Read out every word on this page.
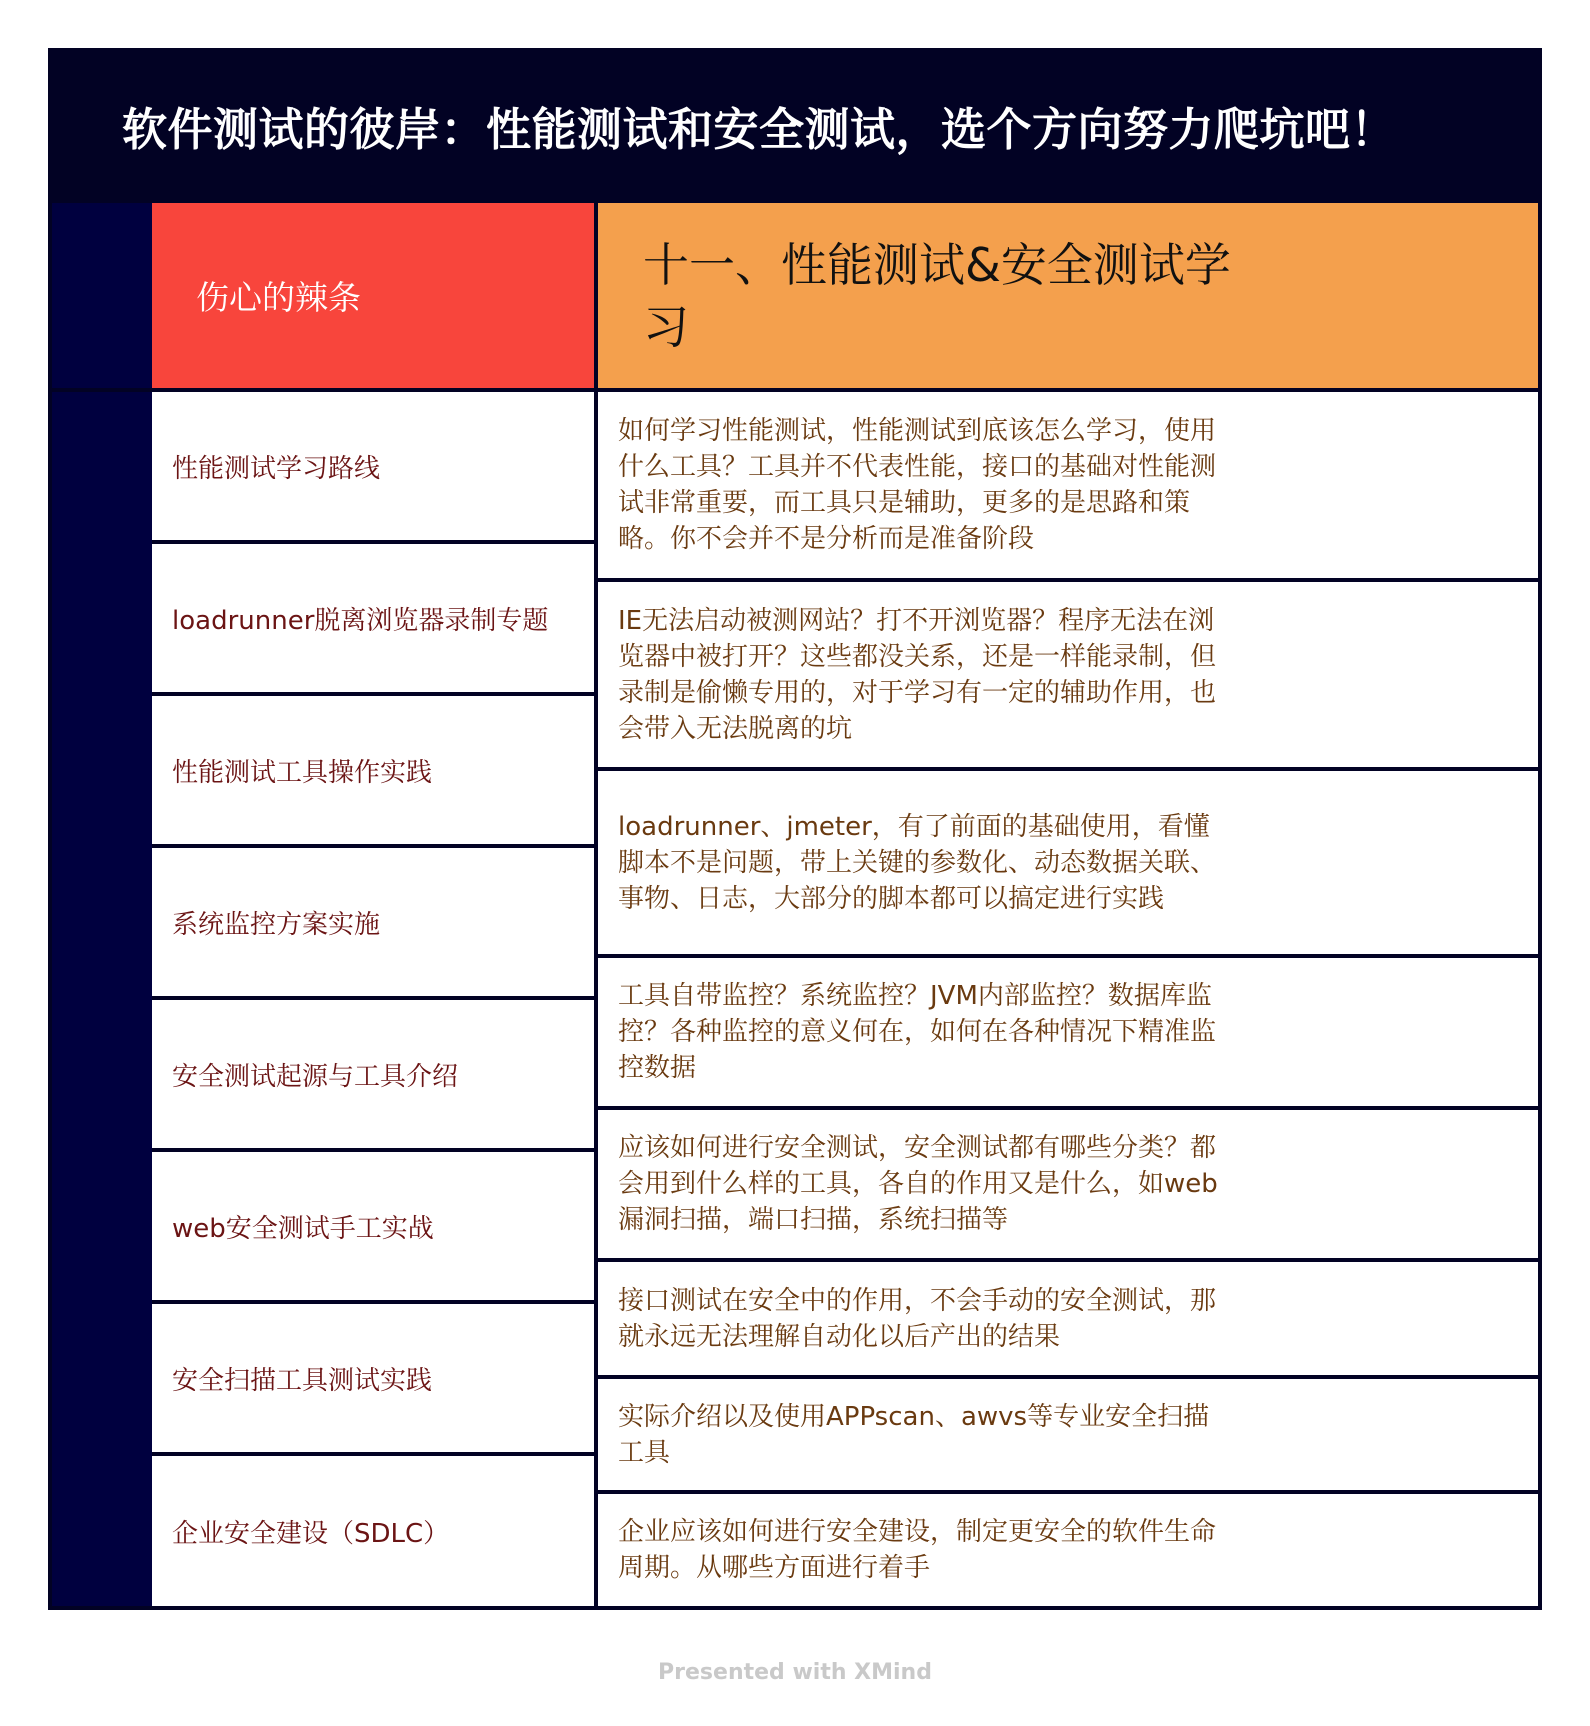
软件测试的彼岸：性能测试和安全测试，选个方向努力爬坑吧！
伤心的辣条
十一、性能测试&安全测试学习
性能测试学习路线
loadrunner脱离浏览器录制专题
性能测试工具操作实践
系统监控方案实施
安全测试起源与工具介绍
web安全测试手工实战
安全扫描工具测试实践
企业安全建设（SDLC）
如何学习性能测试，性能测试到底该怎么学习，使用什么工具？工具并不代表性能，接口的基础对性能测试非常重要，而工具只是辅助，更多的是思路和策略。你不会并不是分析而是准备阶段
IE无法启动被测网站？打不开浏览器？程序无法在浏览器中被打开？这些都没关系，还是一样能录制，但录制是偷懒专用的，对于学习有一定的辅助作用，也会带入无法脱离的坑
loadrunner、jmeter，有了前面的基础使用，看懂脚本不是问题，带上关键的参数化、动态数据关联、事物、日志，大部分的脚本都可以搞定进行实践
工具自带监控？系统监控？JVM内部监控？数据库监控？各种监控的意义何在，如何在各种情况下精准监控数据
应该如何进行安全测试，安全测试都有哪些分类？都会用到什么样的工具，各自的作用又是什么，如web漏洞扫描，端口扫描，系统扫描等
接口测试在安全中的作用，不会手动的安全测试，那就永远无法理解自动化以后产出的结果
实际介绍以及使用APPscan、awvs等专业安全扫描工具
企业应该如何进行安全建设，制定更安全的软件生命周期。从哪些方面进行着手
Presented with XMind
